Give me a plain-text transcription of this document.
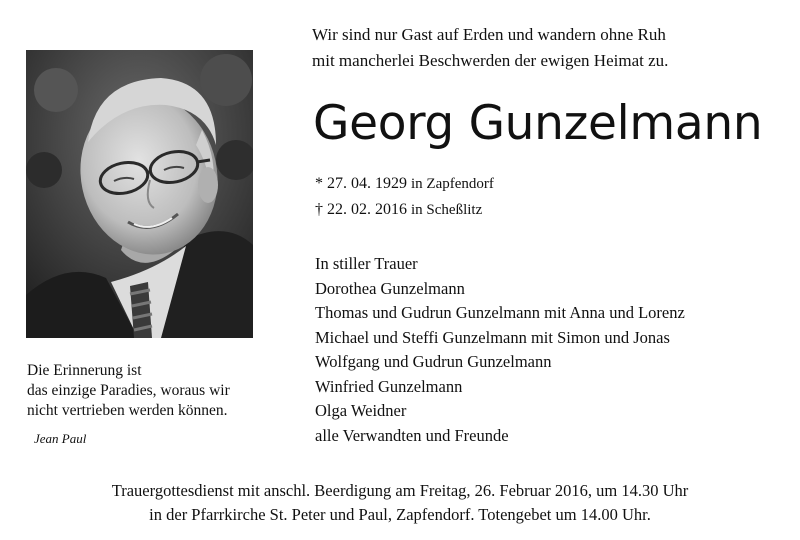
Wir sind nur Gast auf Erden und wandern ohne Ruh
mit mancherlei Beschwerden der ewigen Heimat zu.
Georg Gunzelmann
* 27. 04. 1929 in Zapfendorf
† 22. 02. 2016 in Scheßlitz
Die Erinnerung ist
das einzige Paradies, woraus wir
nicht vertrieben werden können.
Jean Paul
In stiller Trauer
Dorothea Gunzelmann
Thomas und Gudrun Gunzelmann mit Anna und Lorenz
Michael und Steffi Gunzelmann mit Simon und Jonas
Wolfgang und Gudrun Gunzelmann
Winfried Gunzelmann
Olga Weidner
alle Verwandten und Freunde
Trauergottesdienst mit anschl. Beerdigung am Freitag, 26. Februar 2016, um 14.30 Uhr
in der Pfarrkirche St. Peter und Paul, Zapfendorf. Totengebet um 14.00 Uhr.
